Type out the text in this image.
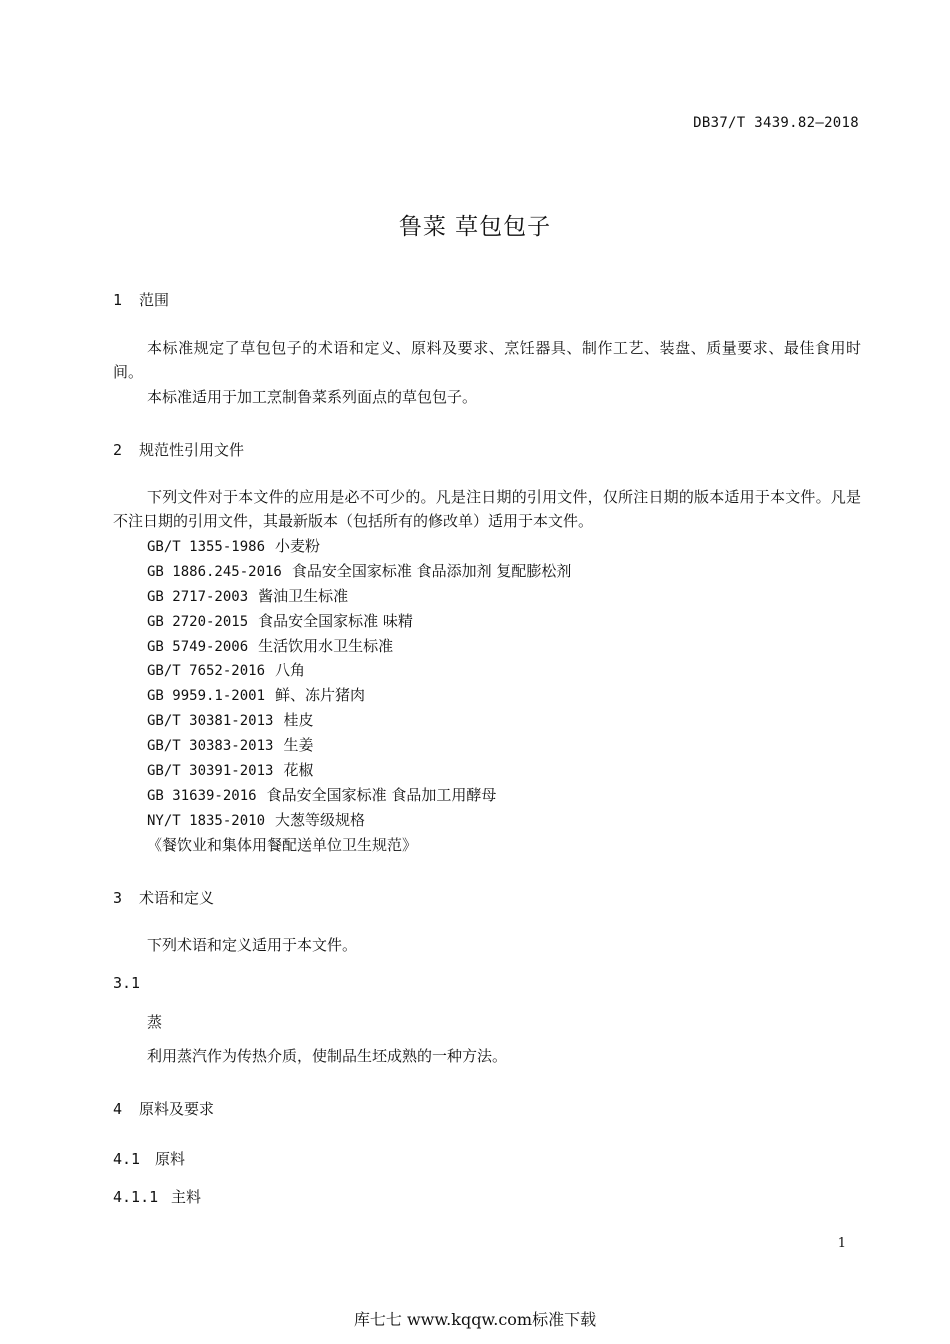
DB37/T 3439.82—2018
鲁菜 草包包子
1 范围
本标准规定了草包包子的术语和定义、原料及要求、烹饪器具、制作工艺、装盘、质量要求、最佳食用时间。
本标准适用于加工烹制鲁菜系列面点的草包包子。
2 规范性引用文件
下列文件对于本文件的应用是必不可少的。凡是注日期的引用文件，仅所注日期的版本适用于本文件。凡是不注日期的引用文件，其最新版本（包括所有的修改单）适用于本文件。
GB/T 1355-1986 小麦粉
GB 1886.245-2016 食品安全国家标准 食品添加剂 复配膨松剂
GB 2717-2003 酱油卫生标准
GB 2720-2015 食品安全国家标准 味精
GB 5749-2006 生活饮用水卫生标准
GB/T 7652-2016 八角
GB 9959.1-2001 鲜、冻片猪肉
GB/T 30381-2013 桂皮
GB/T 30383-2013 生姜
GB/T 30391-2013 花椒
GB 31639-2016 食品安全国家标准 食品加工用酵母
NY/T 1835-2010 大葱等级规格
《餐饮业和集体用餐配送单位卫生规范》
3 术语和定义
下列术语和定义适用于本文件。
3.1
蒸
利用蒸汽作为传热介质，使制品生坯成熟的一种方法。
4 原料及要求
4.1 原料
4.1.1 主料
1
库七七 www.kqqw.com标准下载
